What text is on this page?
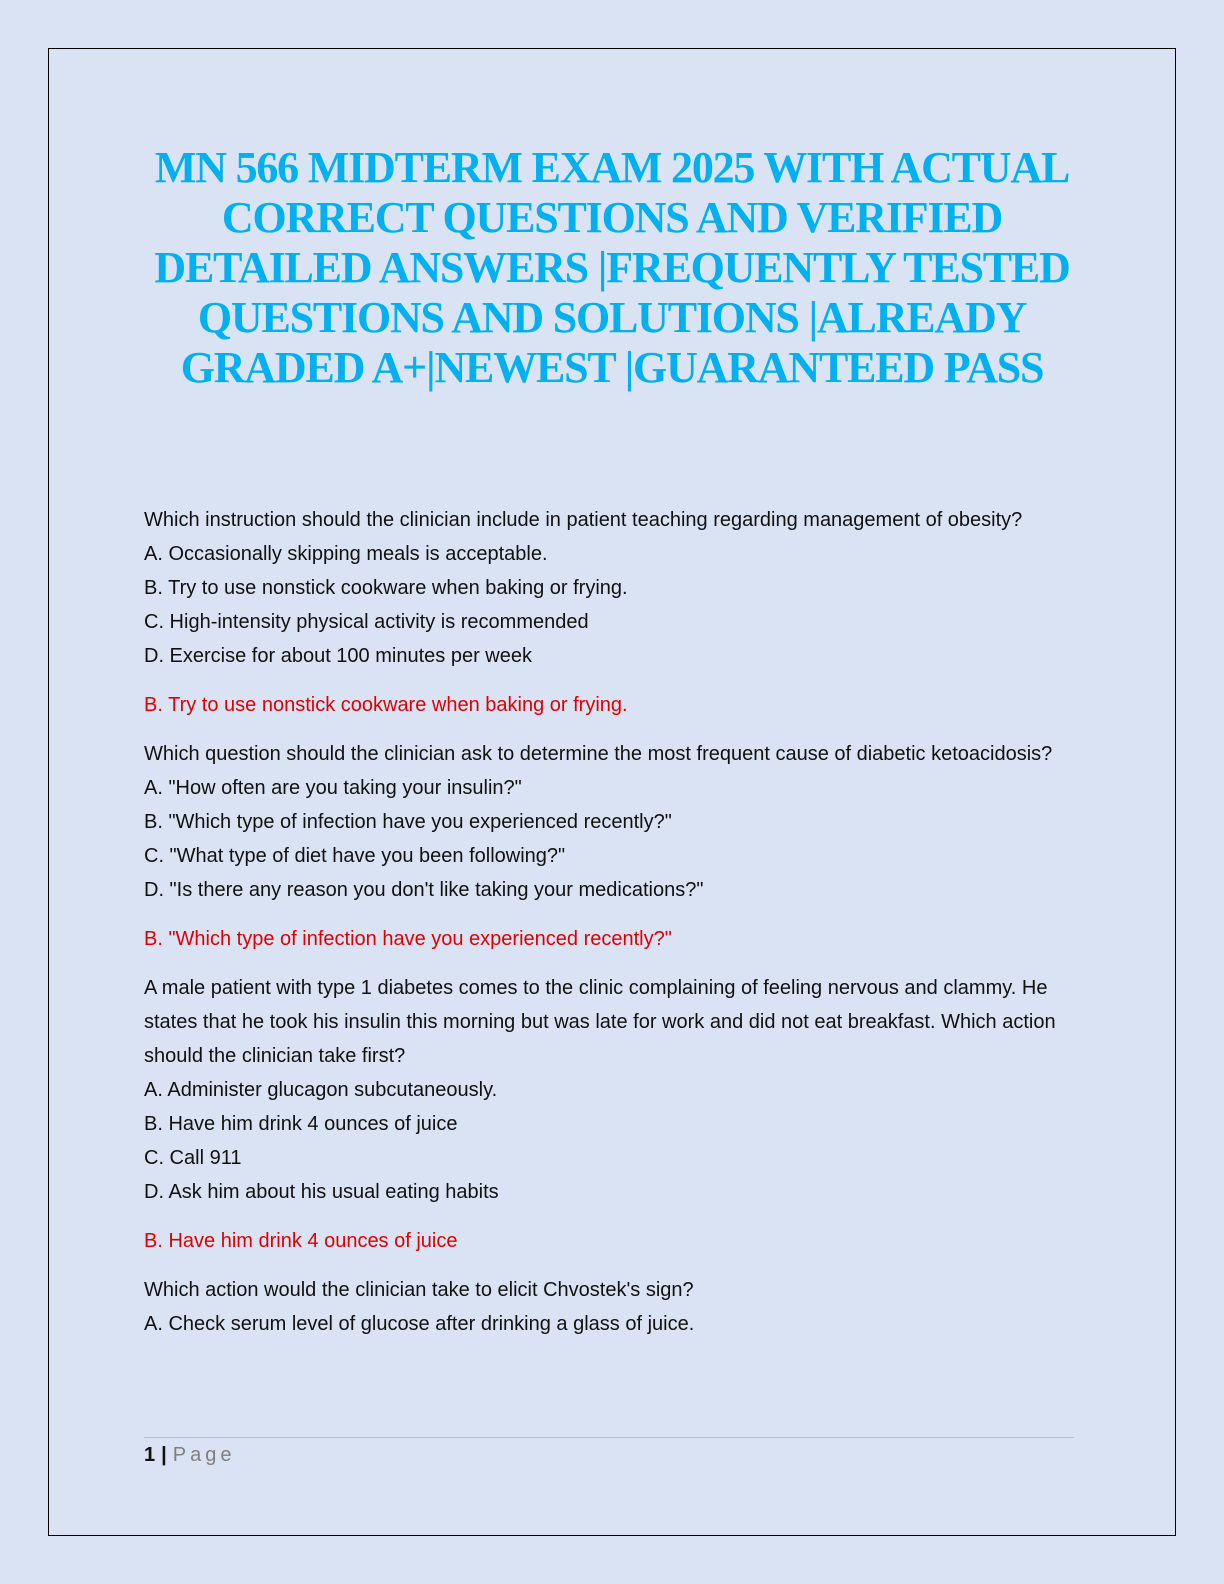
MN 566 MIDTERM EXAM 2025 WITH ACTUAL
CORRECT QUESTIONS AND VERIFIED
DETAILED ANSWERS |FREQUENTLY TESTED
QUESTIONS AND SOLUTIONS |ALREADY
GRADED A+|NEWEST |GUARANTEED PASS
Which instruction should the clinician include in patient teaching regarding management of obesity?
A. Occasionally skipping meals is acceptable.
B. Try to use nonstick cookware when baking or frying.
C. High-intensity physical activity is recommended
D. Exercise for about 100 minutes per week
B. Try to use nonstick cookware when baking or frying.
Which question should the clinician ask to determine the most frequent cause of diabetic ketoacidosis?
A. "How often are you taking your insulin?"
B. "Which type of infection have you experienced recently?"
C. "What type of diet have you been following?"
D. "Is there any reason you don't like taking your medications?"
B. "Which type of infection have you experienced recently?"
A male patient with type 1 diabetes comes to the clinic complaining of feeling nervous and clammy. He states that he took his insulin this morning but was late for work and did not eat breakfast. Which action should the clinician take first?
A. Administer glucagon subcutaneously.
B. Have him drink 4 ounces of juice
C. Call 911
D. Ask him about his usual eating habits
B. Have him drink 4 ounces of juice
Which action would the clinician take to elicit Chvostek's sign?
A. Check serum level of glucose after drinking a glass of juice.
1 | Page
